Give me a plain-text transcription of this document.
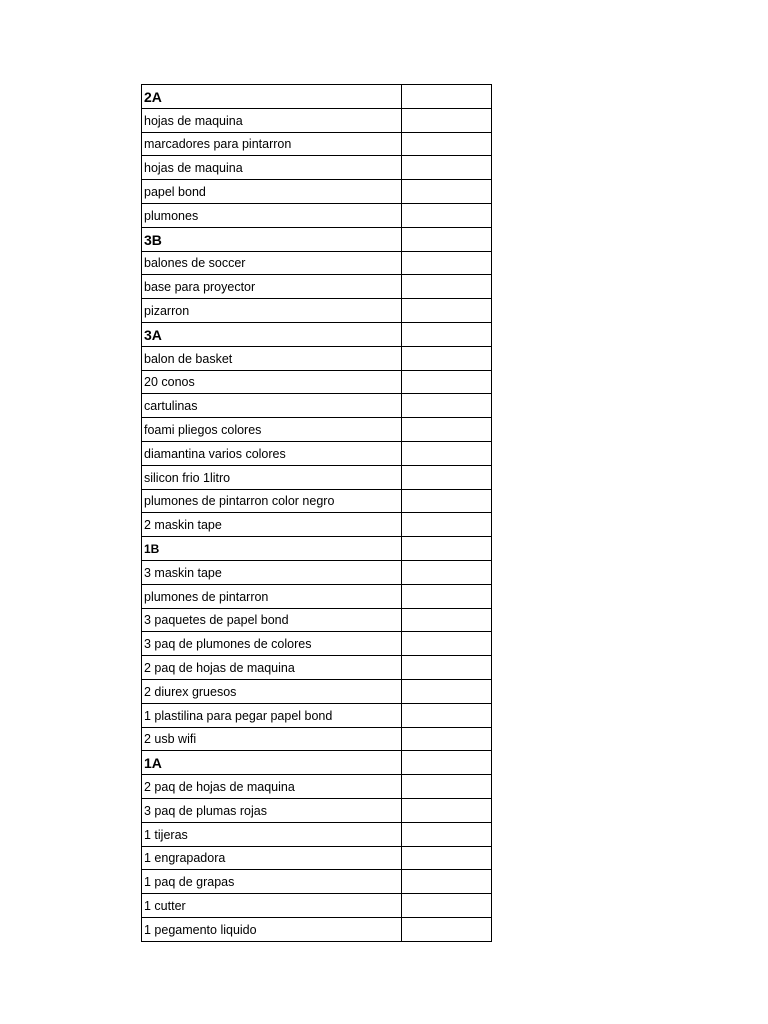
2A	
hojas de maquina	
marcadores para pintarron	
hojas de maquina	
papel bond	
plumones	
3B	
balones de soccer	
base para proyector	
pizarron	
3A	
balon de basket	
20 conos	
cartulinas	
foami pliegos colores	
diamantina varios colores	
silicon frio 1litro	
plumones de pintarron color negro	
2 maskin tape	
1B	
3 maskin tape	
plumones de pintarron	
3 paquetes de papel bond	
3 paq de plumones de colores	
2 paq de hojas de maquina	
2 diurex gruesos	
1 plastilina para pegar papel bond	
2 usb wifi	
1A	
2 paq de hojas de maquina	
3 paq de plumas rojas	
1 tijeras	
1 engrapadora	
1 paq de grapas	
1 cutter	
1 pegamento liquido	
